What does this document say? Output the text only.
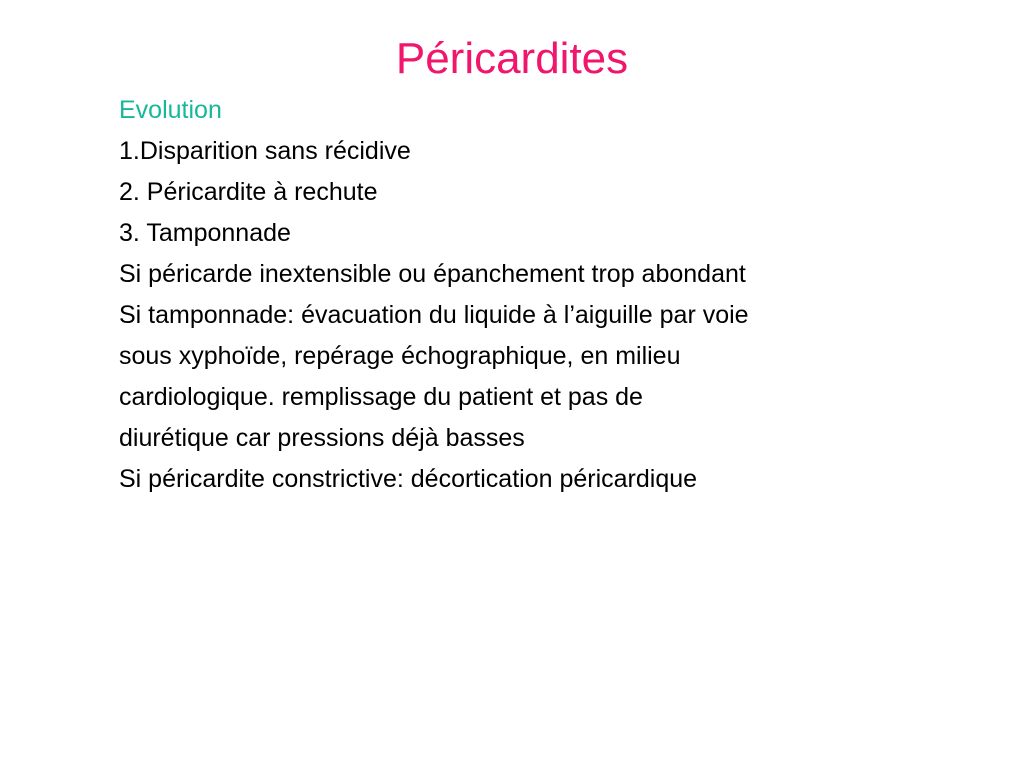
Péricardites
Evolution
1.Disparition sans récidive
2. Péricardite à rechute
3. Tamponnade
Si péricarde inextensible ou épanchement trop abondant
Si tamponnade: évacuation du liquide à l’aiguille par voie
sous xyphoïde, repérage échographique, en milieu
cardiologique. remplissage du patient et pas de
diurétique car pressions déjà basses
Si péricardite constrictive: décortication péricardique
